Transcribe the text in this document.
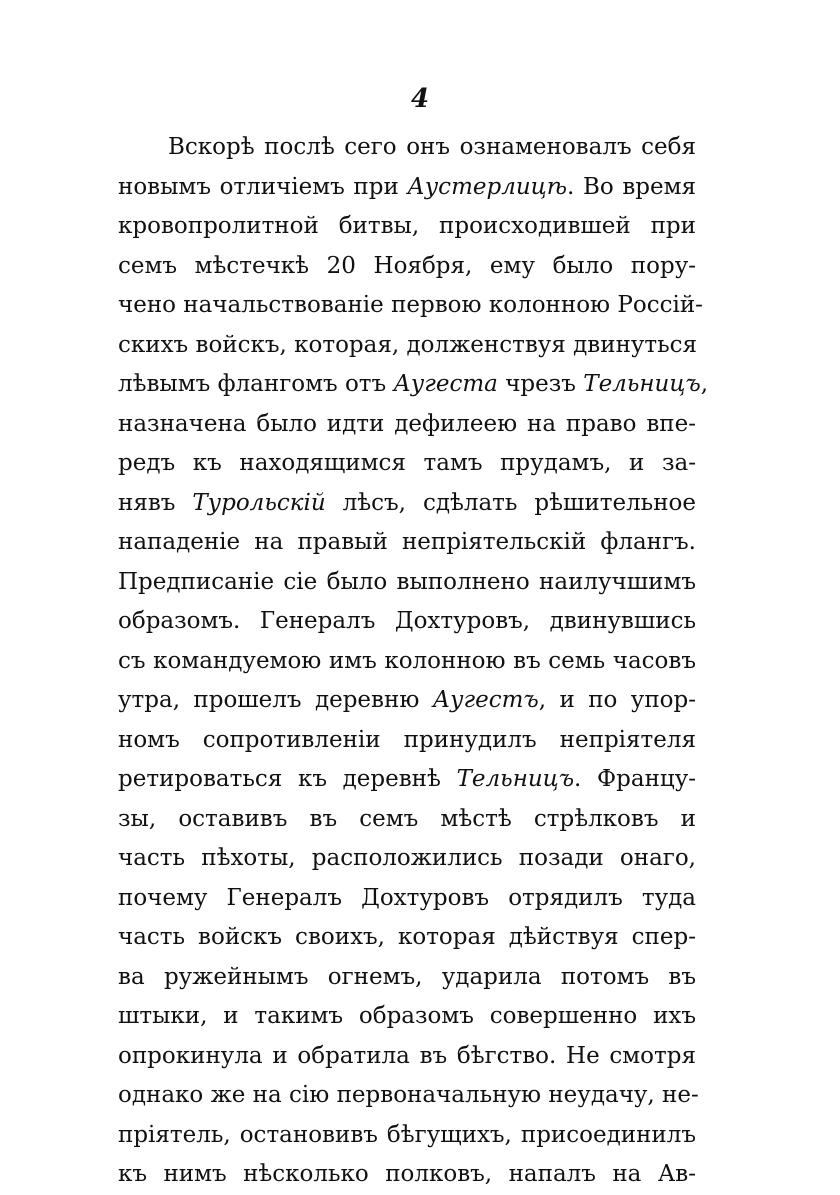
4
Вскорѣ послѣ сего онъ ознаменовалъ себя
новымъ отличiемъ при Аустерлицѣ. Во время
кровопролитной битвы, происходившей при
семъ мѣстечкѣ 20 Ноября, ему было пору-
чено начальствованiе первою колонною Россiй-
скихъ войскъ, которая, долженствуя двинуться
лѣвымъ флангомъ отъ Аугеста чрезъ Тельницъ,
назначена было идти дефилеею на право впе-
редъ къ находящимся тамъ прудамъ, и за-
нявъ Турольскiй лѣсъ, сдѣлать рѣшительное
нападенiе на правый непрiятельскiй флангъ.
Предписанiе сiе было выполнено наилучшимъ
образомъ. Генералъ Дохтуровъ, двинувшись
съ командуемою имъ колонною въ семь часовъ
утра, прошелъ деревню Аугестъ, и по упор-
номъ сопротивленiи принудилъ непрiятеля
ретироваться къ деревнѣ Тельницъ. Францу-
зы, оставивъ въ семъ мѣстѣ стрѣлковъ и
часть пѣхоты, расположились позади онаго,
почему Генералъ Дохтуровъ отрядилъ туда
часть войскъ своихъ, которая дѣйствуя спер-
ва ружейнымъ огнемъ, ударила потомъ въ
штыки, и такимъ образомъ совершенно ихъ
опрокинула и обратила въ бѣгство. Не смотря
однако же на сiю первоначальную неудачу, не-
прiятель, остановивъ бѣгущихъ, присоединилъ
къ нимъ нѣсколько полковъ, напалъ на Ав-
